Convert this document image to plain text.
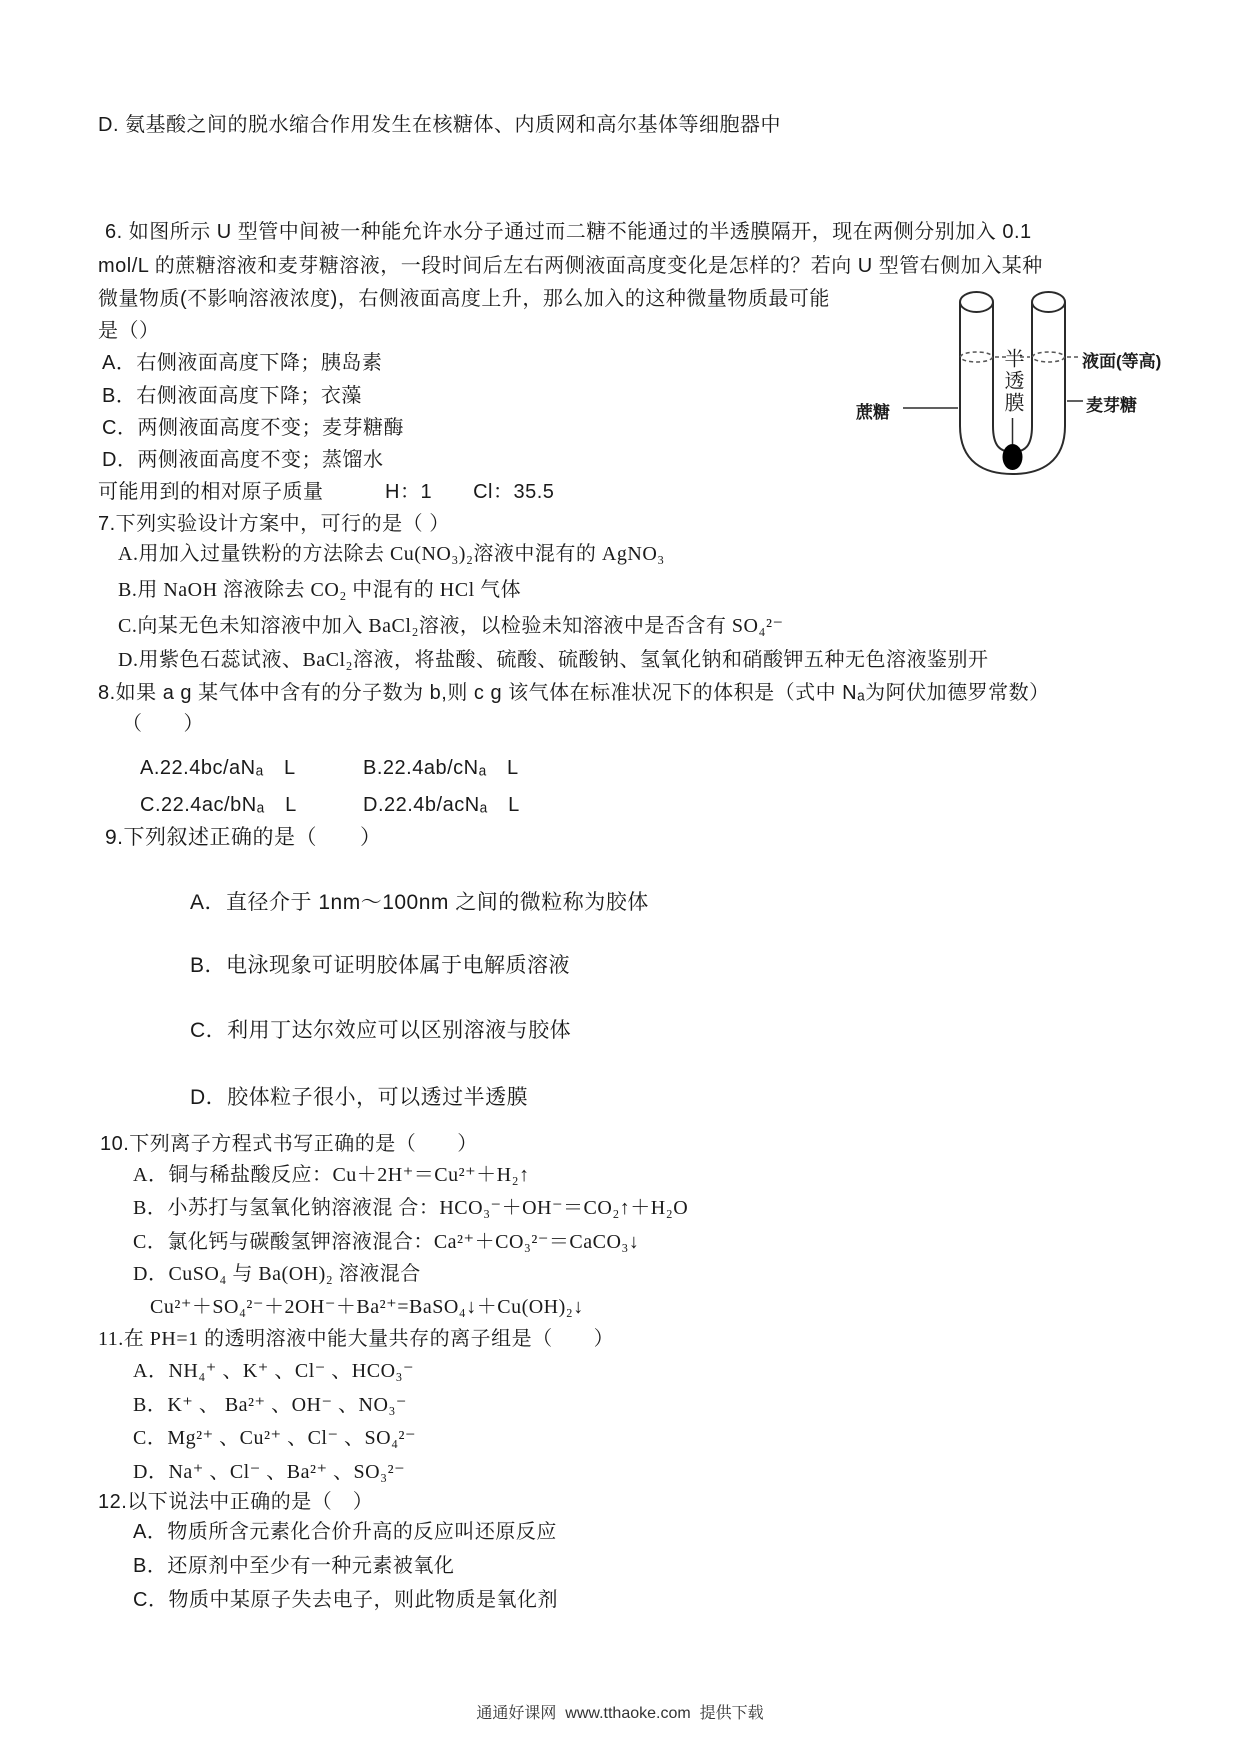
D. 氨基酸之间的脱水缩合作用发生在核糖体、内质网和高尔基体等细胞器中
6. 如图所示 U 型管中间被一种能允许水分子通过而二糖不能通过的半透膜隔开，现在两侧分别加入 0.1
mol/L 的蔗糖溶液和麦芽糖溶液，一段时间后左右两侧液面高度变化是怎样的？若向 U 型管右侧加入某种
微量物质(不影响溶液浓度)，右侧液面高度上升，那么加入的这种微量物质最可能
是（）
A．右侧液面高度下降；胰岛素
B．右侧液面高度下降；衣藻
C．两侧液面高度不变；麦芽糖酶
D．两侧液面高度不变；蒸馏水
可能用到的相对原子质量　　　H：1　　Cl：35.5
半透膜	液面(等高)
蔗糖	麦芽糖
7.下列实验设计方案中，可行的是（ ）
A.用加入过量铁粉的方法除去 Cu(NO₃)₂溶液中混有的 AgNO₃
B.用 NaOH 溶液除去 CO₂ 中混有的 HCl 气体
C.向某无色未知溶液中加入 BaCl₂溶液，以检验未知溶液中是否含有 SO₄²⁻
D.用紫色石蕊试液、BaCl₂溶液，将盐酸、硫酸、硫酸钠、氢氧化钠和硝酸钾五种无色溶液鉴别开
8.如果 a g 某气体中含有的分子数为 b,则 c g 该气体在标准状况下的体积是（式中 Nₐ为阿伏加德罗常数）
（　　）
A.22.4bc/aNₐ　L	B.22.4ab/cNₐ　L
C.22.4ac/bNₐ　L	D.22.4b/acNₐ　L
9.下列叙述正确的是（　　）
A．直径介于 1nm～100nm 之间的微粒称为胶体
B．电泳现象可证明胶体属于电解质溶液
C．利用丁达尔效应可以区别溶液与胶体
D．胶体粒子很小，可以透过半透膜
10.下列离子方程式书写正确的是（　　）
A．铜与稀盐酸反应：Cu＋2H⁺＝Cu²⁺＋H₂↑
B．小苏打与氢氧化钠溶液混 合：HCO₃⁻＋OH⁻＝CO₂↑＋H₂O
C．氯化钙与碳酸氢钾溶液混合：Ca²⁺＋CO₃²⁻＝CaCO₃↓
D．CuSO₄ 与 Ba(OH)₂ 溶液混合
Cu²⁺＋SO₄²⁻＋2OH⁻＋Ba²⁺=BaSO₄↓＋Cu(OH)₂↓
11.在 PH=1 的透明溶液中能大量共存的离子组是（　　）
A．NH₄⁺ 、K⁺ 、Cl⁻ 、HCO₃⁻
B．K⁺ 、 Ba²⁺ 、OH⁻ 、NO₃⁻
C．Mg²⁺ 、Cu²⁺ 、Cl⁻ 、SO₄²⁻
D．Na⁺ 、Cl⁻ 、Ba²⁺ 、SO₃²⁻
12.以下说法中正确的是（　）
A．物质所含元素化合价升高的反应叫还原反应
B．还原剂中至少有一种元素被氧化
C．物质中某原子失去电子，则此物质是氧化剂
通通好课网  www.tthaoke.com  提供下载
